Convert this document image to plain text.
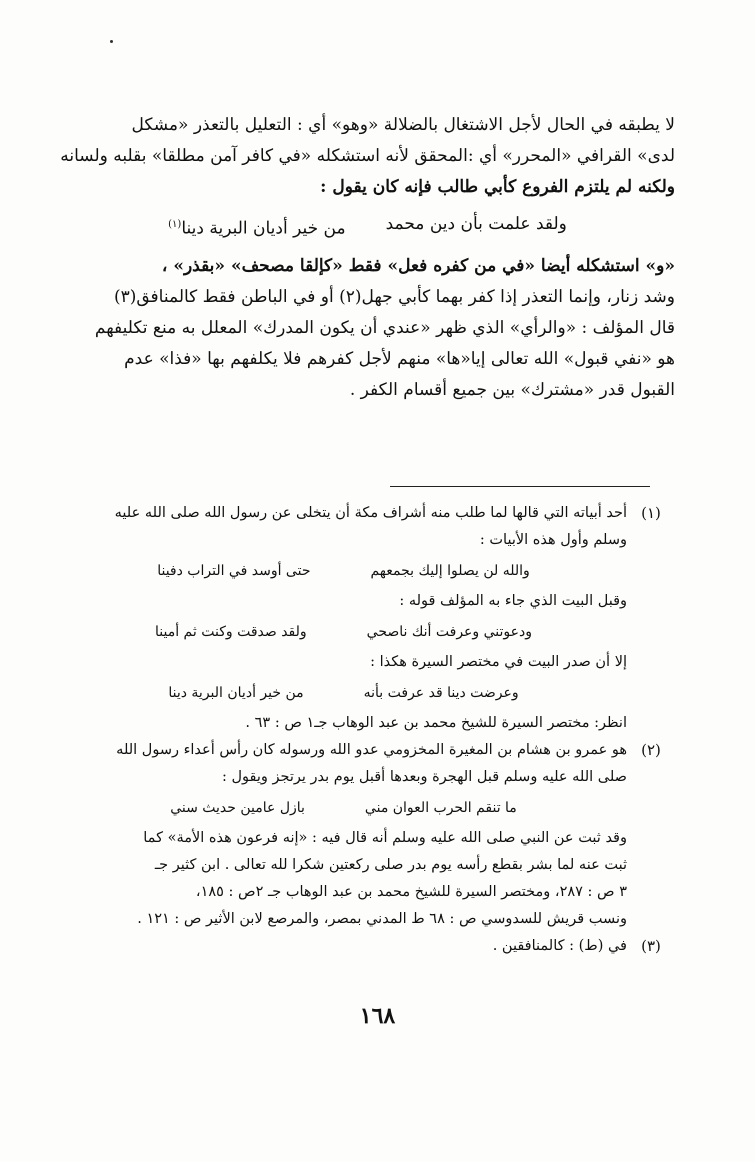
لا يطبقه في الحال لأجل الاشتغال بالضلالة «وهو» أي : التعليل بالتعذر «مشكل
لدى» القرافي «المحرر» أي :المحقق لأنه استشكله «في كافر آمن مطلقا» بقلبه ولسانه
ولكنه لم يلتزم الفروع كأبي طالب فإنه كان يقول :
ولقد علمت بأن دين محمد
من خير أديان البرية دينا$^{(١)}$
«و» استشكله أيضا «في من كفره فعل» فقط «كإلقا مصحف» «بقذر» ،
وشد زنار، وإنما التعذر إذا كفر بهما كأبي جهل(٢) أو في الباطن فقط كالمنافق(٣)
قال المؤلف : «والرأي» الذي ظهر «عندي أن يكون المدرك» المعلل به منع تكليفهم
هو «نفي قبول» الله تعالى إيا«ها» منهم لأجل كفرهم فلا يكلفهم بها «فذا» عدم
القبول قدر «مشترك» بين جميع أقسام الكفر .
(١)
أحد أبياته التي قالها لما طلب منه أشراف مكة أن يتخلى عن رسول الله صلى الله عليه
وسلم وأول هذه الأبيات :
والله لن يصلوا إليك بجمعهم
حتى أوسد في التراب دفينا
وقبل البيت الذي جاء به المؤلف قوله :
ودعوتني وعرفت أنك ناصحي
ولقد صدقت وكنت ثم أمينا
إلا أن صدر البيت في مختصر السيرة هكذا :
وعرضت دينا قد عرفت بأنه
من خير أديان البرية دينا
انظر: مختصر السيرة للشيخ محمد بن عبد الوهاب جـ١ ص : ٦٣ .
(٢)
هو عمرو بن هشام بن المغيرة المخزومي عدو الله ورسوله كان رأس أعداء رسول الله
صلى الله عليه وسلم قبل الهجرة وبعدها أقبل يوم بدر يرتجز ويقول :
ما تنقم الحرب العوان مني
بازل عامين حديث سني
وقد ثبت عن النبي صلى الله عليه وسلم أنه قال فيه : «إنه فرعون هذه الأمة» كما
ثبت عنه لما بشر بقطع رأسه يوم بدر صلى ركعتين شكرا لله تعالى . ابن كثير جـ
٣ ص : ٢٨٧، ومختصر السيرة للشيخ محمد بن عبد الوهاب جـ ٢ص : ١٨٥،
ونسب قريش للسدوسي ص : ٦٨ ط المدني بمصر، والمرصع لابن الأثير ص : ١٢١ .
(٣)
في (ط) : كالمنافقين .
١٦٨
